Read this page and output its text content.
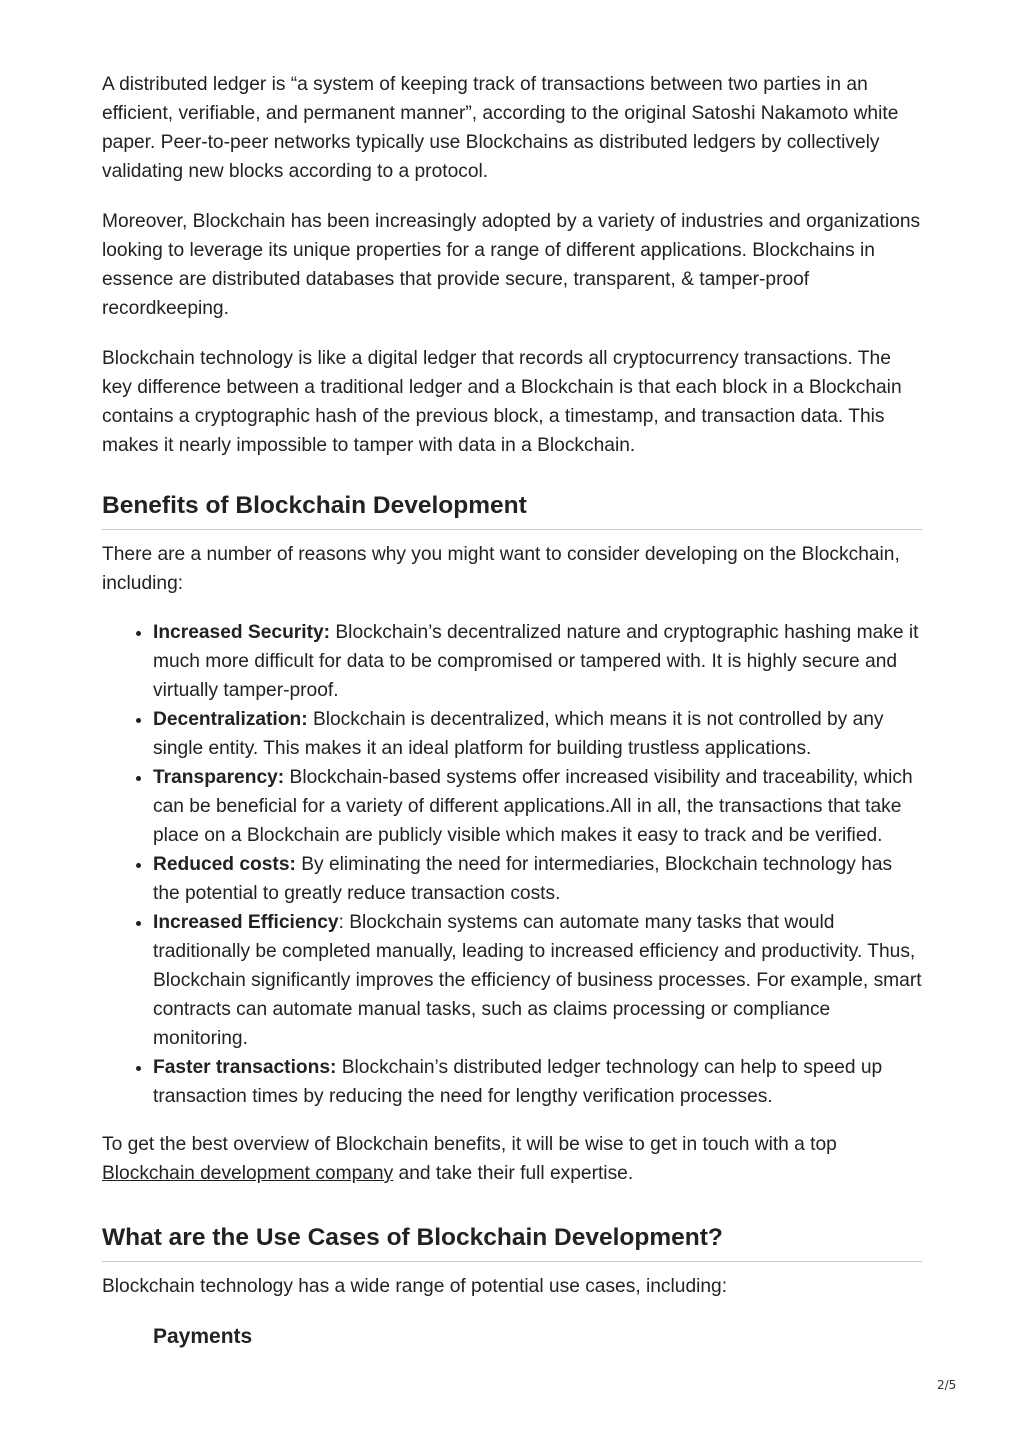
A distributed ledger is “a system of keeping track of transactions between two parties in an efficient, verifiable, and permanent manner”, according to the original Satoshi Nakamoto white paper. Peer-to-peer networks typically use Blockchains as distributed ledgers by collectively validating new blocks according to a protocol.

Moreover, Blockchain has been increasingly adopted by a variety of industries and organizations looking to leverage its unique properties for a range of different applications. Blockchains in essence are distributed databases that provide secure, transparent, & tamper-proof recordkeeping.

Blockchain technology is like a digital ledger that records all cryptocurrency transactions. The key difference between a traditional ledger and a Blockchain is that each block in a Blockchain contains a cryptographic hash of the previous block, a timestamp, and transaction data. This makes it nearly impossible to tamper with data in a Blockchain.

Benefits of Blockchain Development

There are a number of reasons why you might want to consider developing on the Blockchain, including:

• Increased Security: Blockchain’s decentralized nature and cryptographic hashing make it much more difficult for data to be compromised or tampered with. It is highly secure and virtually tamper-proof.
• Decentralization: Blockchain is decentralized, which means it is not controlled by any single entity. This makes it an ideal platform for building trustless applications.
• Transparency: Blockchain-based systems offer increased visibility and traceability, which can be beneficial for a variety of different applications.All in all, the transactions that take place on a Blockchain are publicly visible which makes it easy to track and be verified.
• Reduced costs: By eliminating the need for intermediaries, Blockchain technology has the potential to greatly reduce transaction costs.
• Increased Efficiency: Blockchain systems can automate many tasks that would traditionally be completed manually, leading to increased efficiency and productivity. Thus, Blockchain significantly improves the efficiency of business processes. For example, smart contracts can automate manual tasks, such as claims processing or compliance monitoring.
• Faster transactions: Blockchain’s distributed ledger technology can help to speed up transaction times by reducing the need for lengthy verification processes.

To get the best overview of Blockchain benefits, it will be wise to get in touch with a top Blockchain development company and take their full expertise.

What are the Use Cases of Blockchain Development?

Blockchain technology has a wide range of potential use cases, including:

Payments
2/5
